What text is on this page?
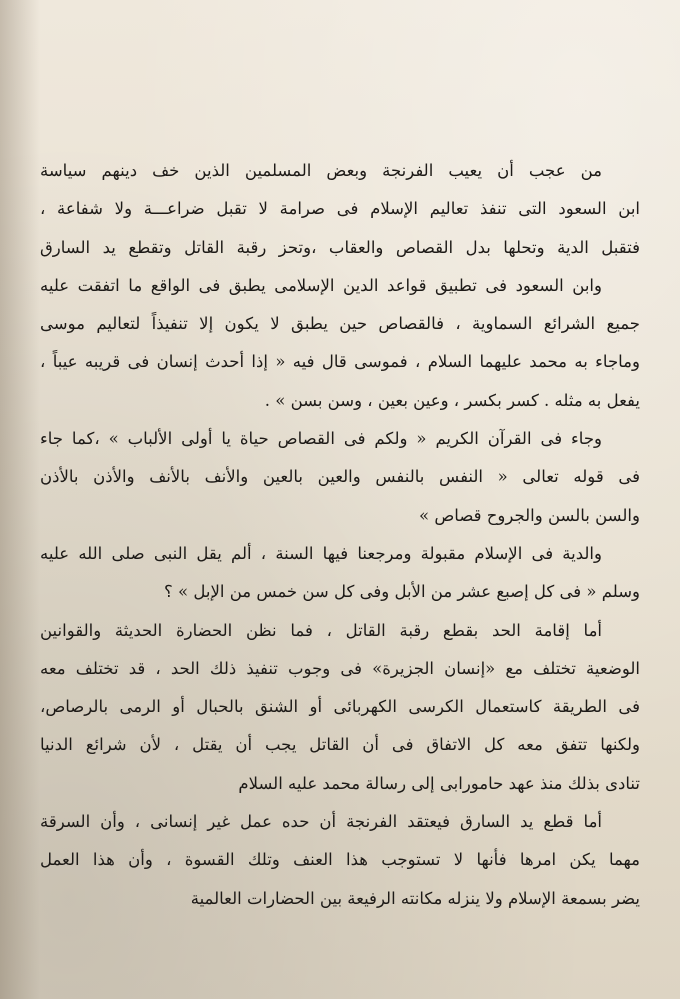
من عجب أن يعيب الفرنجة وبعض المسلمين الذين خف دينهم سياسة
ابن السعود التى تنفذ تعاليم الإسلام فى صرامة لا تقبل ضراعـــة ولا شفاعة ،
فتقبل الدية وتحلها بدل القصاص والعقاب ،وتحز رقبة القاتل وتقطع يد السارق
وابن السعود فى تطبيق قواعد الدين الإسلامى يطبق فى الواقع ما اتفقت عليه
جميع الشرائع السماوية ، فالقصاص حين يطبق لا يكون إلا تنفيذاً لتعاليم موسى
وماجاء به محمد عليهما السلام ، فموسى قال فيه « إذا أحدث إنسان فى قريبه عيباً ،
يفعل به مثله . كسر بكسر ، وعين بعين ، وسن بسن » .
وجاء فى القرآن الكريم « ولكم فى القصاص حياة يا أولى الألباب » ،كما جاء
فى قوله تعالى « النفس بالنفس والعين بالعين والأنف بالأنف والأذن بالأذن
والسن بالسن والجروح قصاص »
والدية فى الإسلام مقبولة ومرجعنا فيها السنة ، ألم يقل النبى صلى الله عليه
وسلم « فى كل إصبع عشر من الأبل وفى كل سن خمس من الإبل » ؟
أما إقامة الحد بقطع رقبة القاتل ، فما نظن الحضارة الحديثة والقوانين
الوضعية تختلف مع «إنسان الجزيرة» فى وجوب تنفيذ ذلك الحد ، قد تختلف معه
فى الطريقة كاستعمال الكرسى الكهربائى أو الشنق بالحبال أو الرمى بالرصاص،
ولكنها تتفق معه كل الاتفاق فى أن القاتل يجب أن يقتل ، لأن شرائع الدنيا
تنادى بذلك منذ عهد حامورابى إلى رسالة محمد عليه السلام
أما قطع يد السارق فيعتقد الفرنجة أن حده عمل غير إنسانى ، وأن السرقة
مهما يكن امرها فأنها لا تستوجب هذا العنف وتلك القسوة ، وأن هذا العمل
يضر بسمعة الإسلام ولا ينزله مكانته الرفيعة بين الحضارات العالمية
